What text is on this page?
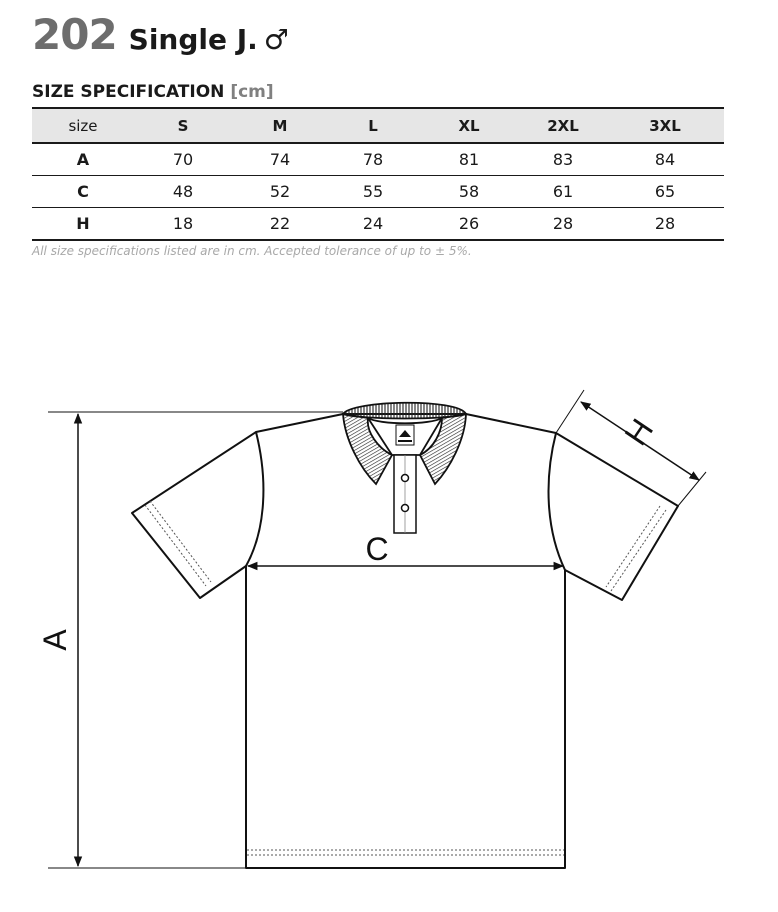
202 Single J. ♂
SIZE SPECIFICATION [cm]
size	S	M	L	XL	2XL	3XL
A	70	74	78	81	83	84
C	48	52	55	58	61	65
H	18	22	24	26	28	28
All size specifications listed are in cm. Accepted tolerance of up to ± 5%.
A
C
H
